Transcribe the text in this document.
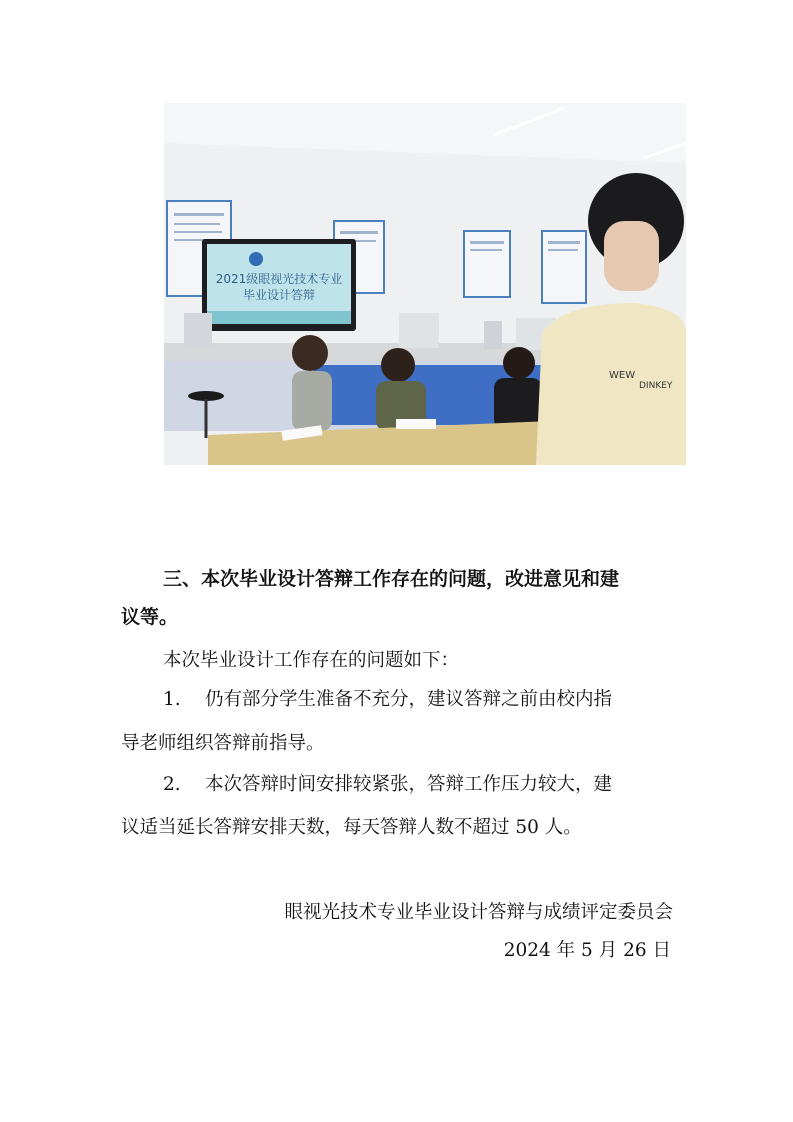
2021级眼视光技术专业
毕业设计答辩
WEW
DINKEY
三、本次毕业设计答辩工作存在的问题，改进意见和建
议等。
本次毕业设计工作存在的问题如下：
1. 仍有部分学生准备不充分，建议答辩之前由校内指
导老师组织答辩前指导。
2. 本次答辩时间安排较紧张，答辩工作压力较大，建
议适当延长答辩安排天数，每天答辩人数不超过 50 人。
眼视光技术专业毕业设计答辩与成绩评定委员会
2024 年 5 月 26 日
